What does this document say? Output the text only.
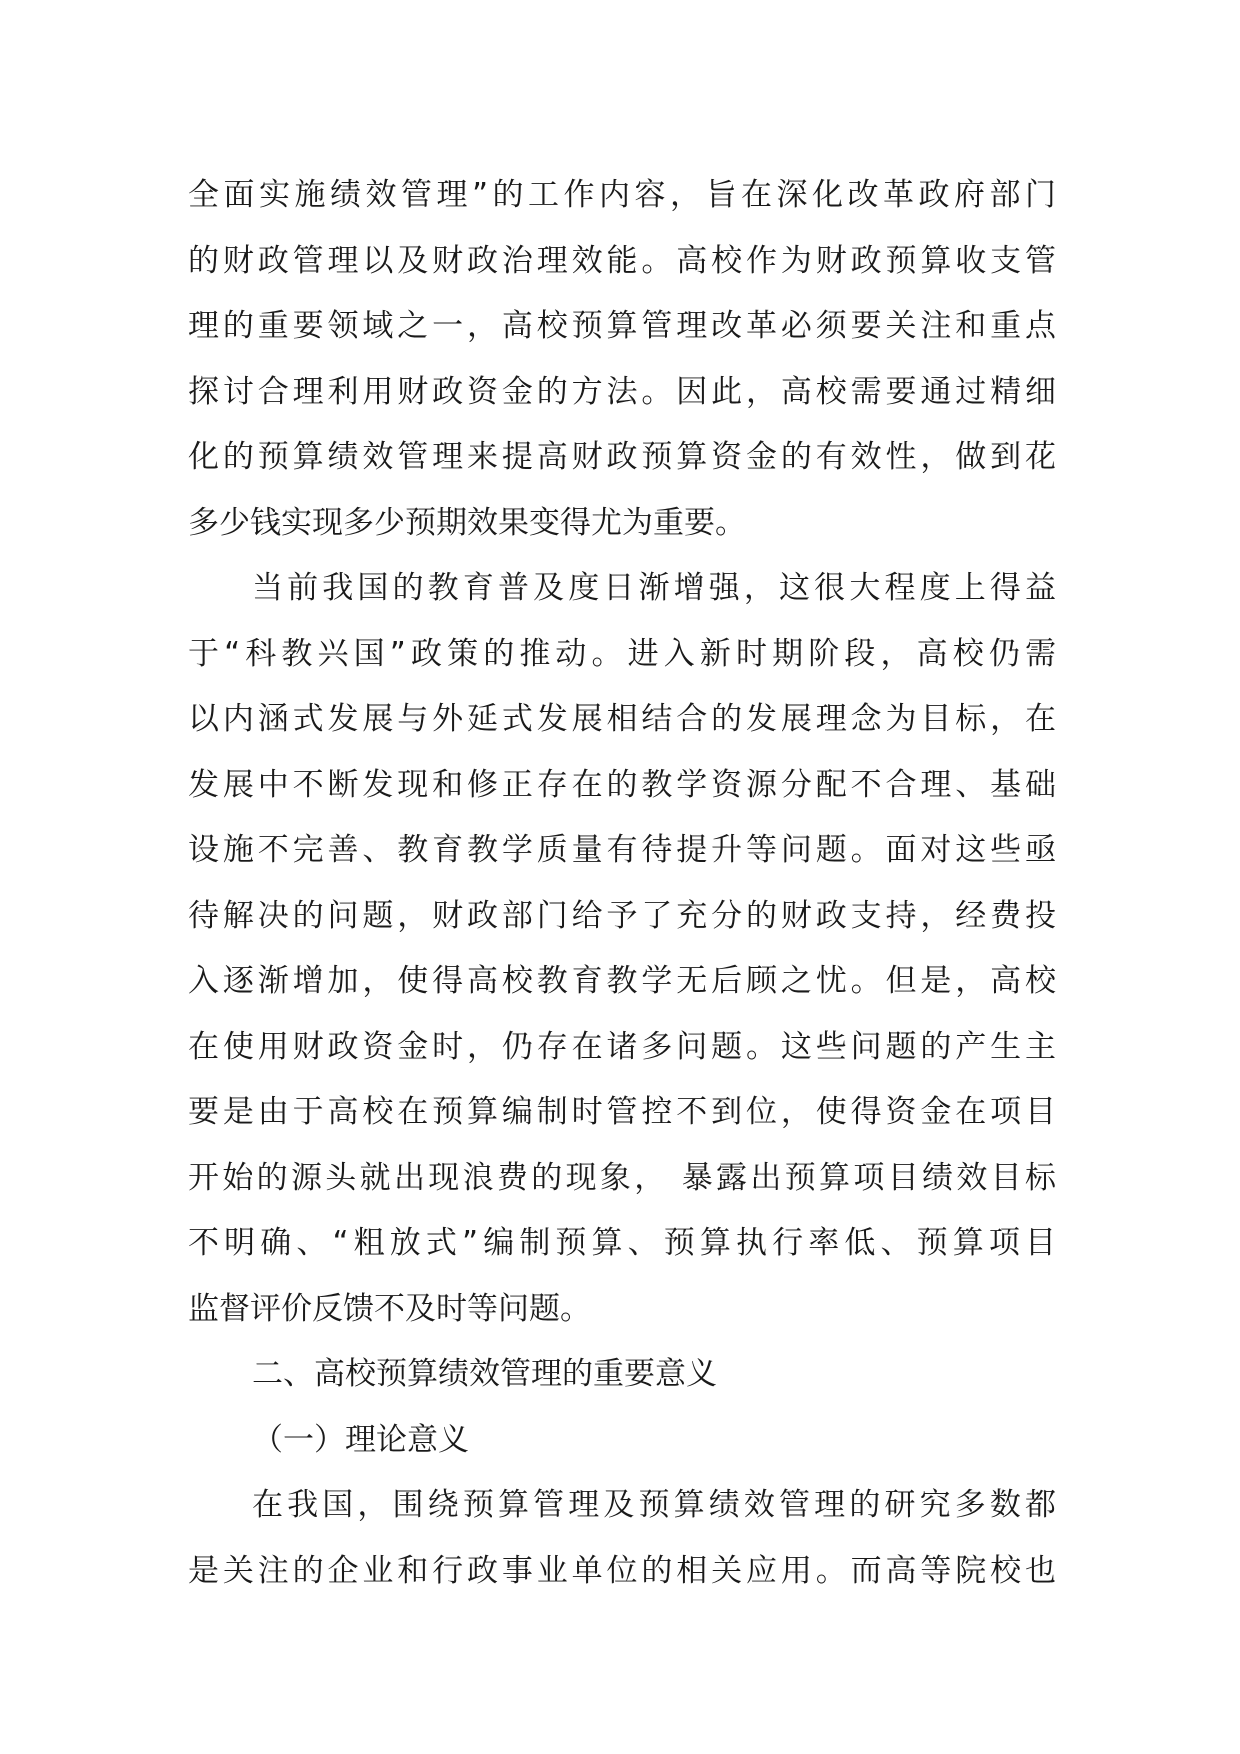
全面实施绩效管理”的工作内容，旨在深化改革政府部门
的财政管理以及财政治理效能。高校作为财政预算收支管
理的重要领域之一，高校预算管理改革必须要关注和重点
探讨合理利用财政资金的方法。因此，高校需要通过精细
化的预算绩效管理来提高财政预算资金的有效性，做到花
多少钱实现多少预期效果变得尤为重要。
当前我国的教育普及度日渐增强，这很大程度上得益
于“科教兴国”政策的推动。进入新时期阶段，高校仍需
以内涵式发展与外延式发展相结合的发展理念为目标，在
发展中不断发现和修正存在的教学资源分配不合理、基础
设施不完善、教育教学质量有待提升等问题。面对这些亟
待解决的问题，财政部门给予了充分的财政支持，经费投
入逐渐增加，使得高校教育教学无后顾之忧。但是，高校
在使用财政资金时，仍存在诸多问题。这些问题的产生主
要是由于高校在预算编制时管控不到位，使得资金在项目
开始的源头就出现浪费的现象， 暴露出预算项目绩效目标
不明确、“粗放式”编制预算、预算执行率低、预算项目
监督评价反馈不及时等问题。
二、高校预算绩效管理的重要意义
（一）理论意义
在我国，围绕预算管理及预算绩效管理的研究多数都
是关注的企业和行政事业单位的相关应用。而高等院校也
